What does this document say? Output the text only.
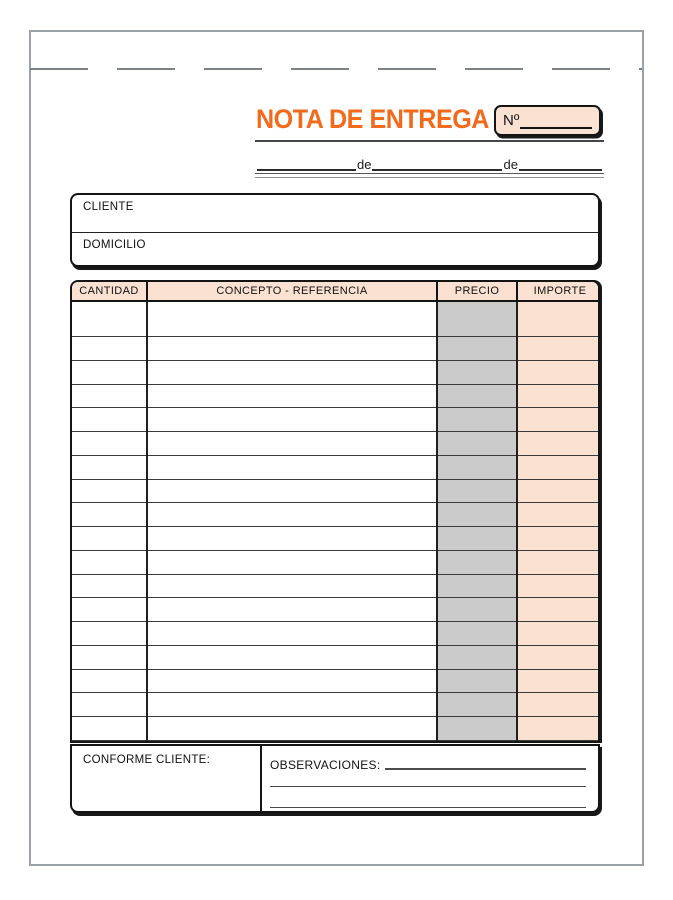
NOTA DE ENTREGA Nº
de	de
CLIENTE
DOMICILIO
CANTIDAD	CONCEPTO - REFERENCIA	PRECIO	IMPORTE

CONFORME CLIENTE:	OBSERVACIONES:
